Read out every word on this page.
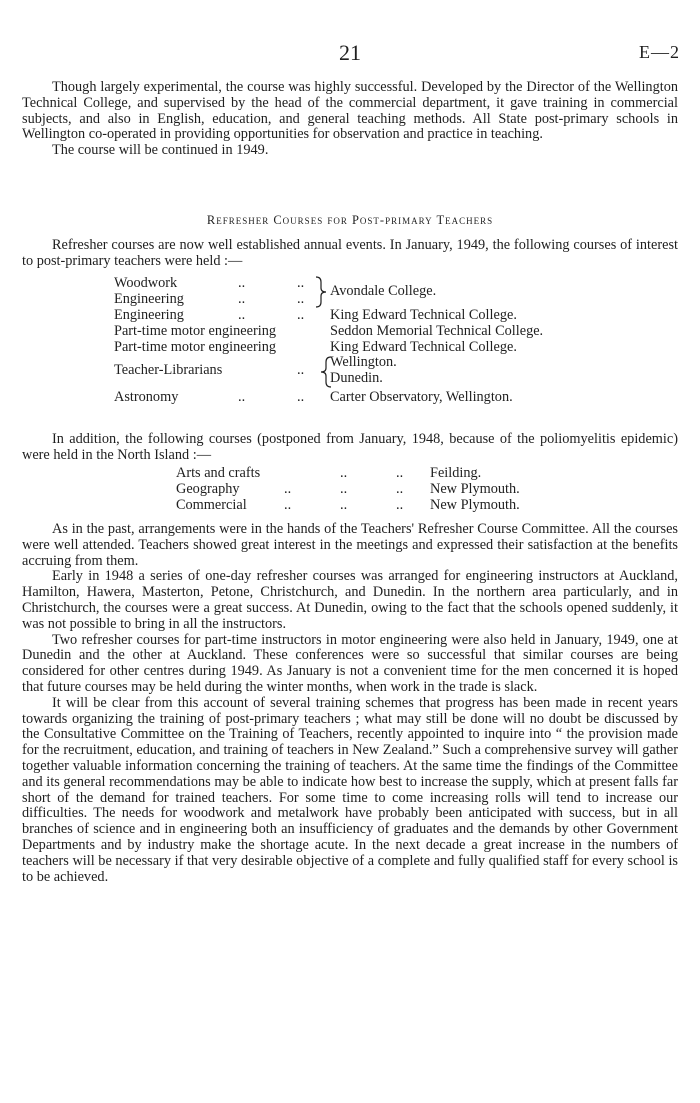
21	E—2

Though largely experimental, the course was highly successful. Developed by the Director of the Wellington Technical College, and supervised by the head of the commercial department, it gave training in commercial subjects, and also in English, education, and general teaching methods. All State post-primary schools in Wellington co-operated in providing opportunities for observation and practice in teaching.

The course will be continued in 1949.

Refresher Courses for Post-primary Teachers

Refresher courses are now well established annual events. In January, 1949, the following courses of interest to post-primary teachers were held :—

Woodwork	..	..
Engineering	..	.. Avondale College.
Engineering	..	.. King Edward Technical College.
Part-time motor engineering	Seddon Memorial Technical College.
Part-time motor engineering	King Edward Technical College.
Teacher-Librarians	.. Wellington.
Dunedin.
Astronomy	..	.. Carter Observatory, Wellington.

In addition, the following courses (postponed from January, 1948, because of the poliomyelitis epidemic) were held in the North Island :—

Arts and crafts	..	.. Feilding.
Geography	..	..	.. New Plymouth.
Commercial	..	..	.. New Plymouth.

As in the past, arrangements were in the hands of the Teachers' Refresher Course Committee. All the courses were well attended. Teachers showed great interest in the meetings and expressed their satisfaction at the benefits accruing from them.

Early in 1948 a series of one-day refresher courses was arranged for engineering instructors at Auckland, Hamilton, Hawera, Masterton, Petone, Christchurch, and Dunedin. In the northern area particularly, and in Christchurch, the courses were a great success. At Dunedin, owing to the fact that the schools opened suddenly, it was not possible to bring in all the instructors.

Two refresher courses for part-time instructors in motor engineering were also held in January, 1949, one at Dunedin and the other at Auckland. These conferences were so successful that similar courses are being considered for other centres during 1949. As January is not a convenient time for the men concerned it is hoped that future courses may be held during the winter months, when work in the trade is slack.

It will be clear from this account of several training schemes that progress has been made in recent years towards organizing the training of post-primary teachers ; what may still be done will no doubt be discussed by the Consultative Committee on the Training of Teachers, recently appointed to inquire into “ the provision made for the recruitment, education, and training of teachers in New Zealand.” Such a comprehensive survey will gather together valuable information concerning the training of teachers. At the same time the findings of the Committee and its general recommendations may be able to indicate how best to increase the supply, which at present falls far short of the demand for trained teachers. For some time to come increasing rolls will tend to increase our difficulties. The needs for woodwork and metalwork have probably been anticipated with success, but in all branches of science and in engineering both an insufficiency of graduates and the demands by other Government Departments and by industry make the shortage acute. In the next decade a great increase in the numbers of teachers will be necessary if that very desirable objective of a complete and fully qualified staff for every school is to be achieved.
